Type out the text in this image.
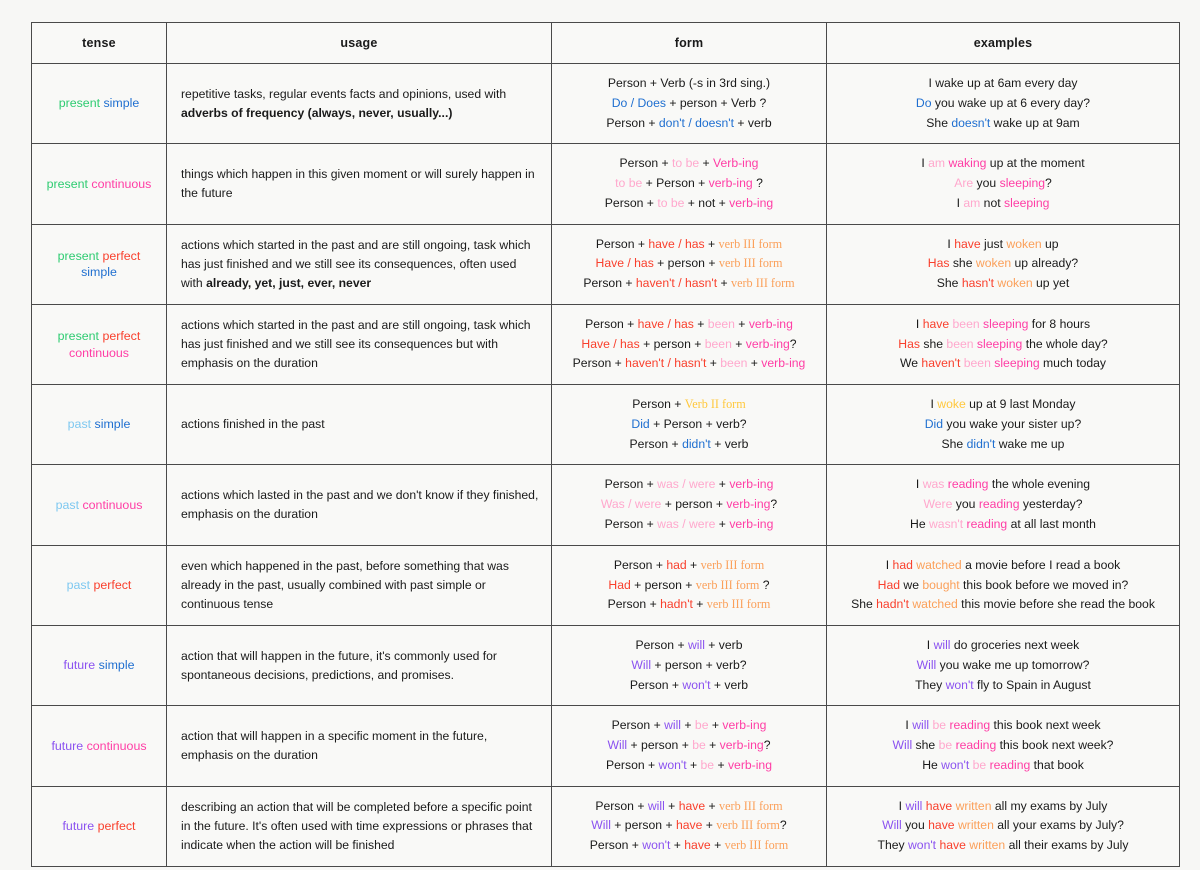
tense	usage	form	examples
present simple	repetitive tasks, regular events facts and opinions, used with adverbs of frequency (always, never, usually...)	Person + Verb (-s in 3rd sing.)
Do / Does + person + Verb ?
Person + don't / doesn't + verb	I wake up at 6am every day
Do you wake up at 6 every day?
She doesn't wake up at 9am

present continuous	things which happen in this given moment or will surely happen in the future	Person + to be + Verb-ing
to be + Person + verb-ing ?
Person + to be + not + verb-ing	I am waking up at the moment
Are you sleeping?
I am not sleeping

present perfect
simple	actions which started in the past and are still ongoing, task which has just finished and we still see its consequences, often used with already, yet, just, ever, never	Person + have / has + verb III form
Have / has + person + verb III form
Person + haven't / hasn't + verb III form	I have just woken up
Has she woken up already?
She hasn't woken up yet

present perfect
continuous	actions which started in the past and are still ongoing, task which has just finished and we still see its consequences but with emphasis on the duration	Person + have / has + been + verb-ing
Have / has + person + been + verb-ing?
Person + haven't / hasn't + been + verb-ing	I have been sleeping for 8 hours
Has she been sleeping the whole day?
We haven't been sleeping much today

past simple	actions finished in the past	Person + Verb II form
Did + Person + verb?
Person + didn't + verb	I woke up at 9 last Monday
Did you wake your sister up?
She didn't wake me up

past continuous	actions which lasted in the past and we don't know if they finished, emphasis on the duration	Person + was / were + verb-ing
Was / were + person + verb-ing?
Person + was / were + verb-ing	I was reading the whole evening
Were you reading yesterday?
He wasn't reading at all last month

past perfect	even which happened in the past, before something that was already in the past, usually combined with past simple or continuous tense	Person + had + verb III form
Had + person + verb III form ?
Person + hadn't + verb III form	I had watched a movie before I read a book
Had we bought this book before we moved in?
She hadn't watched this movie before she read the book

future simple	action that will happen in the future, it's commonly used for spontaneous decisions, predictions, and promises.	Person + will + verb
Will + person + verb?
Person + won't + verb	I will do groceries next week
Will you wake me up tomorrow?
They won't fly to Spain in August

future continuous	action that will happen in a specific moment in the future, emphasis on the duration	Person + will + be + verb-ing
Will + person + be + verb-ing?
Person + won't + be + verb-ing	I will be reading this book next week
Will she be reading this book next week?
He won't be reading that book

future perfect	describing an action that will be completed before a specific point in the future. It's often used with time expressions or phrases that indicate when the action will be finished	Person + will + have + verb III form
Will + person + have + verb III form?
Person + won't + have + verb III form	I will have written all my exams by July
Will you have written all your exams by July?
They won't have written all their exams by July
